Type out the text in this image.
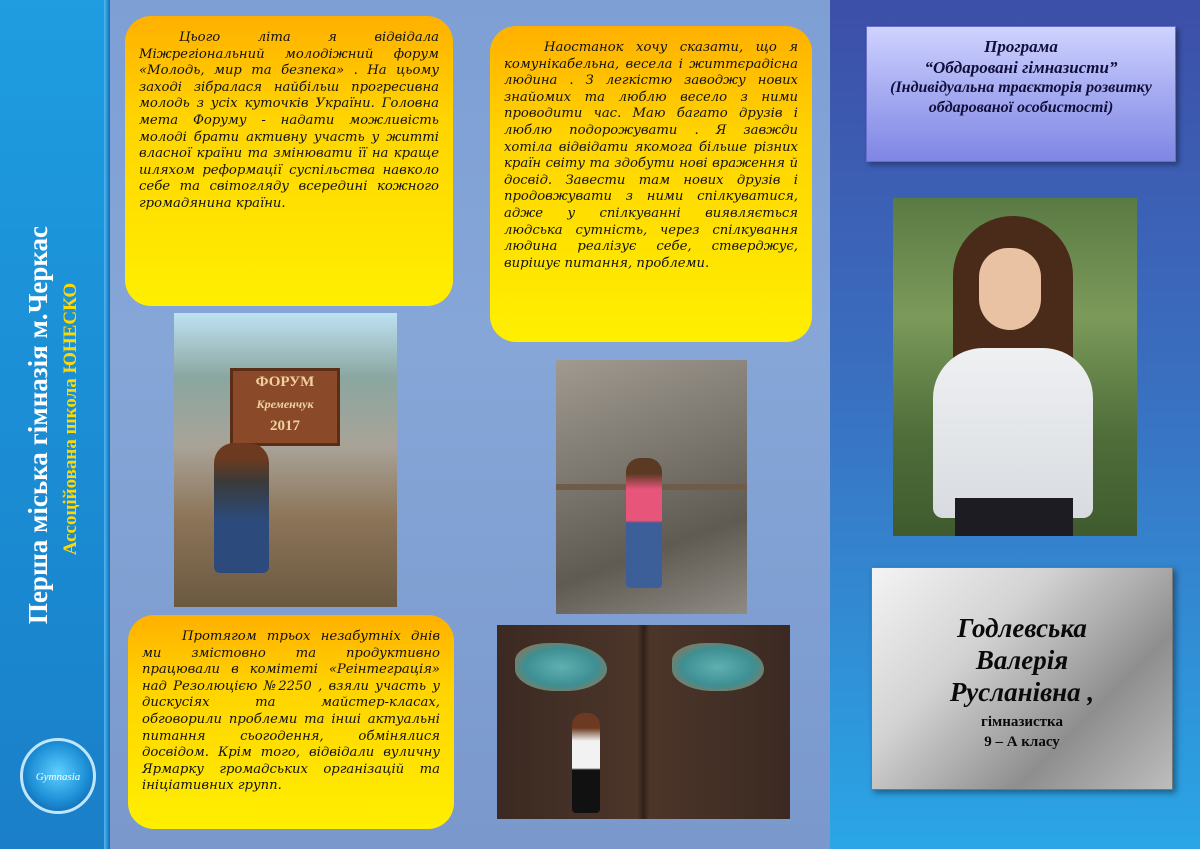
Перша міська гімназія м.Черкас Ассоційована школа ЮНЕСКО
Gymnasia

Цього літа я відвідала Міжрегіональний молодіжний форум «Молодь, мир та безпека» . На цьому заході зібралася найбільш прогресивна молодь з усіх куточків України. Головна мета Форуму - надати можливість молоді брати активну участь у житті власної країни та змінювати її на краще шляхом реформації суспільства навколо себе та світогляду всередині кожного громадянина країни.

Наостанок хочу сказати, що я комунікабельна, весела і життєрадісна людина . З легкістю заводжу нових знайомих та люблю весело з ними проводити час. Маю багато друзів і люблю подорожувати . Я завжди хотіла відвідати якомога більше різних країн світу та здобути нові враження й досвід. Завести там нових друзів і продовжувати з ними спілкуватися, адже у спілкуванні виявляється людська сутність, через спілкування людина реалізує себе, стверджує, вирішує питання, проблеми.

Протягом трьох незабутніх днів ми змістовно та продуктивно працювали в комітеті «Реінтеграція» над Резолюцією №2250 , взяли участь у дискусіях та майстер-класах, обговорили проблеми та інші актуальні питання сьогодення, обмінялися досвідом. Крім того, відвідали вуличну Ярмарку громадських організацій та ініціативних групп.

ФОРУМ
Кременчук
2017
Програма
“Обдаровані гімназисти”
(Індивідуальна траєкторія розвитку обдарованої особистості)
Годлевська
Валерія
Русланівна ,
гімназистка
9 – А класу
